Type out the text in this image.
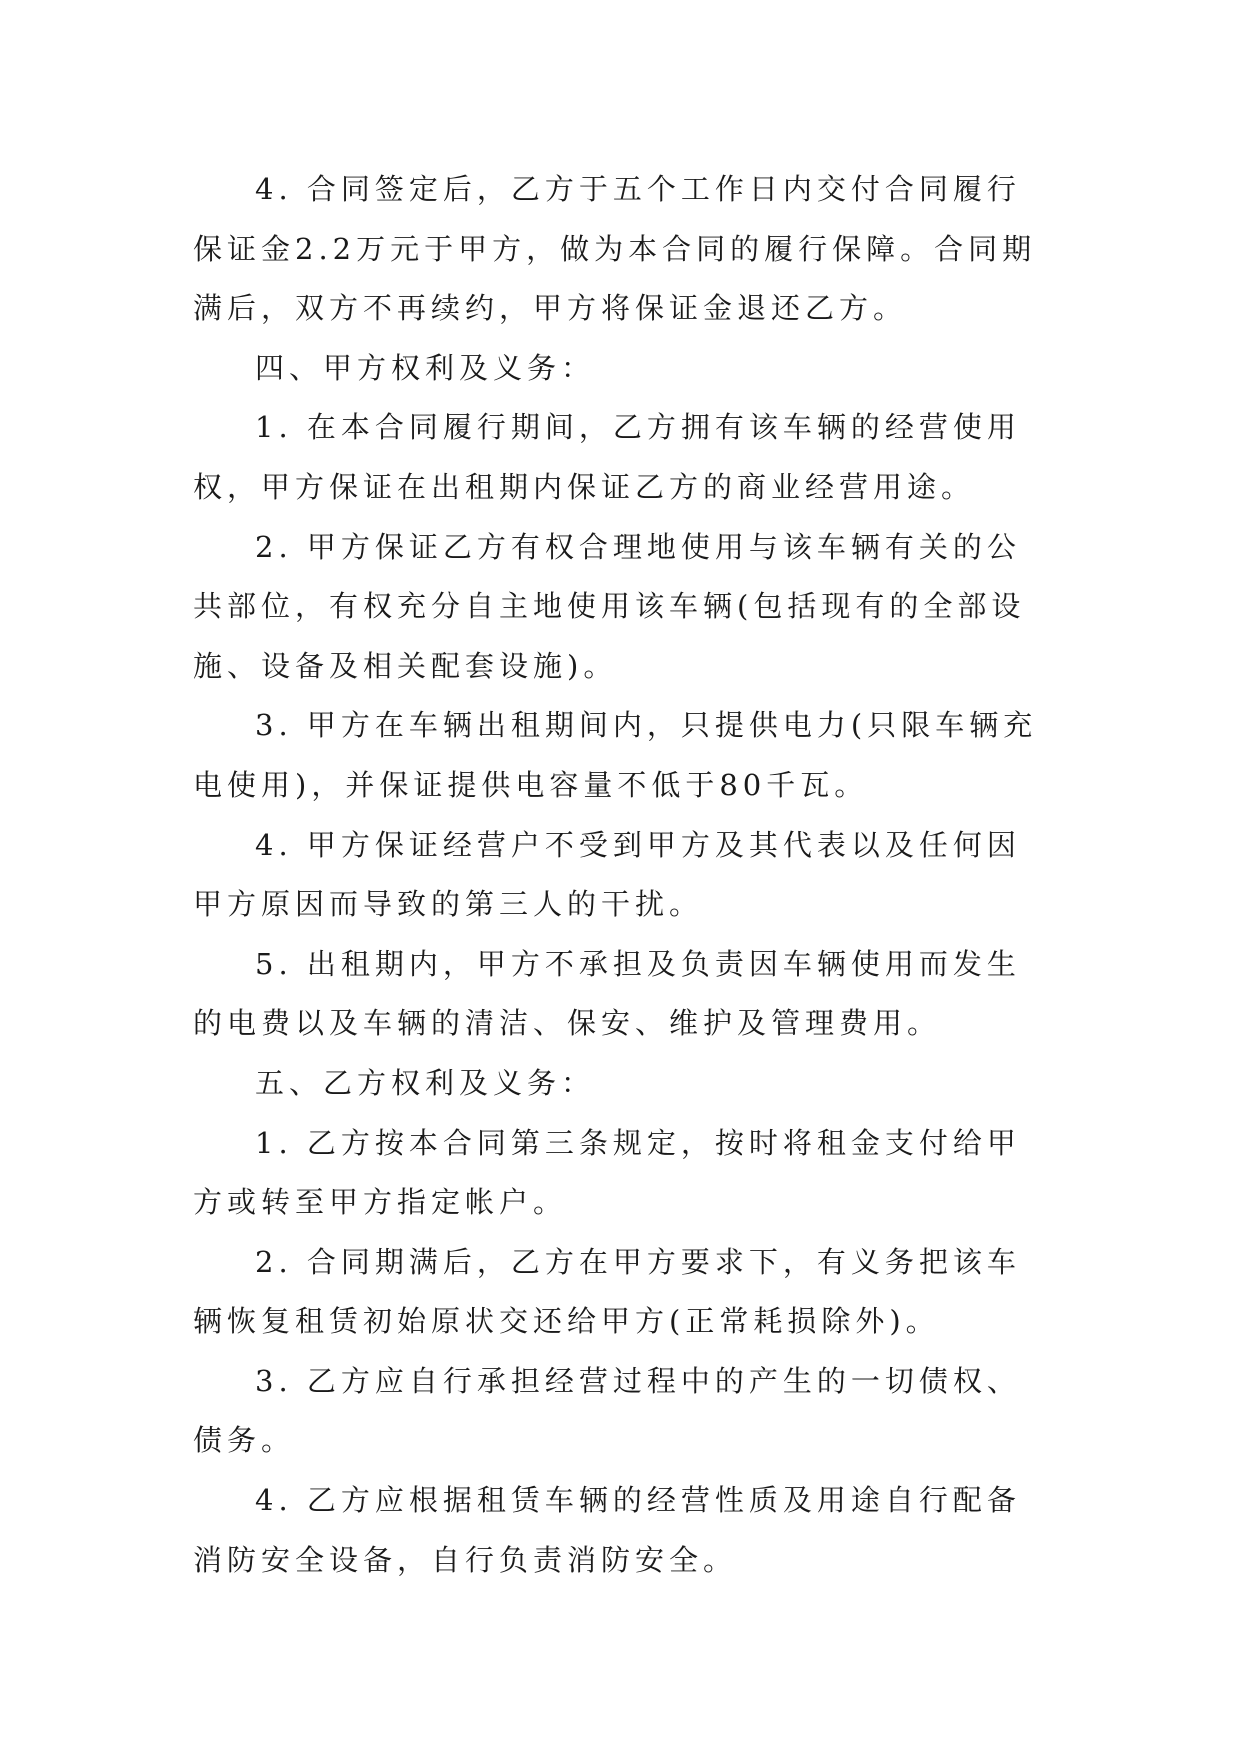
4. 合同签定后，乙方于五个工作日内交付合同履行保证金2.2万元于甲方，做为本合同的履行保障。合同期满后，双方不再续约，甲方将保证金退还乙方。

四、甲方权利及义务：

1. 在本合同履行期间，乙方拥有该车辆的经营使用权，甲方保证在出租期内保证乙方的商业经营用途。

2. 甲方保证乙方有权合理地使用与该车辆有关的公共部位，有权充分自主地使用该车辆(包括现有的全部设施、设备及相关配套设施)。

3. 甲方在车辆出租期间内，只提供电力(只限车辆充电使用)，并保证提供电容量不低于80千瓦。

4. 甲方保证经营户不受到甲方及其代表以及任何因甲方原因而导致的第三人的干扰。

5. 出租期内，甲方不承担及负责因车辆使用而发生的电费以及车辆的清洁、保安、维护及管理费用。

五、乙方权利及义务：

1. 乙方按本合同第三条规定，按时将租金支付给甲方或转至甲方指定帐户。

2. 合同期满后，乙方在甲方要求下，有义务把该车辆恢复租赁初始原状交还给甲方(正常耗损除外)。

3. 乙方应自行承担经营过程中的产生的一切债权、债务。

4. 乙方应根据租赁车辆的经营性质及用途自行配备消防安全设备，自行负责消防安全。
